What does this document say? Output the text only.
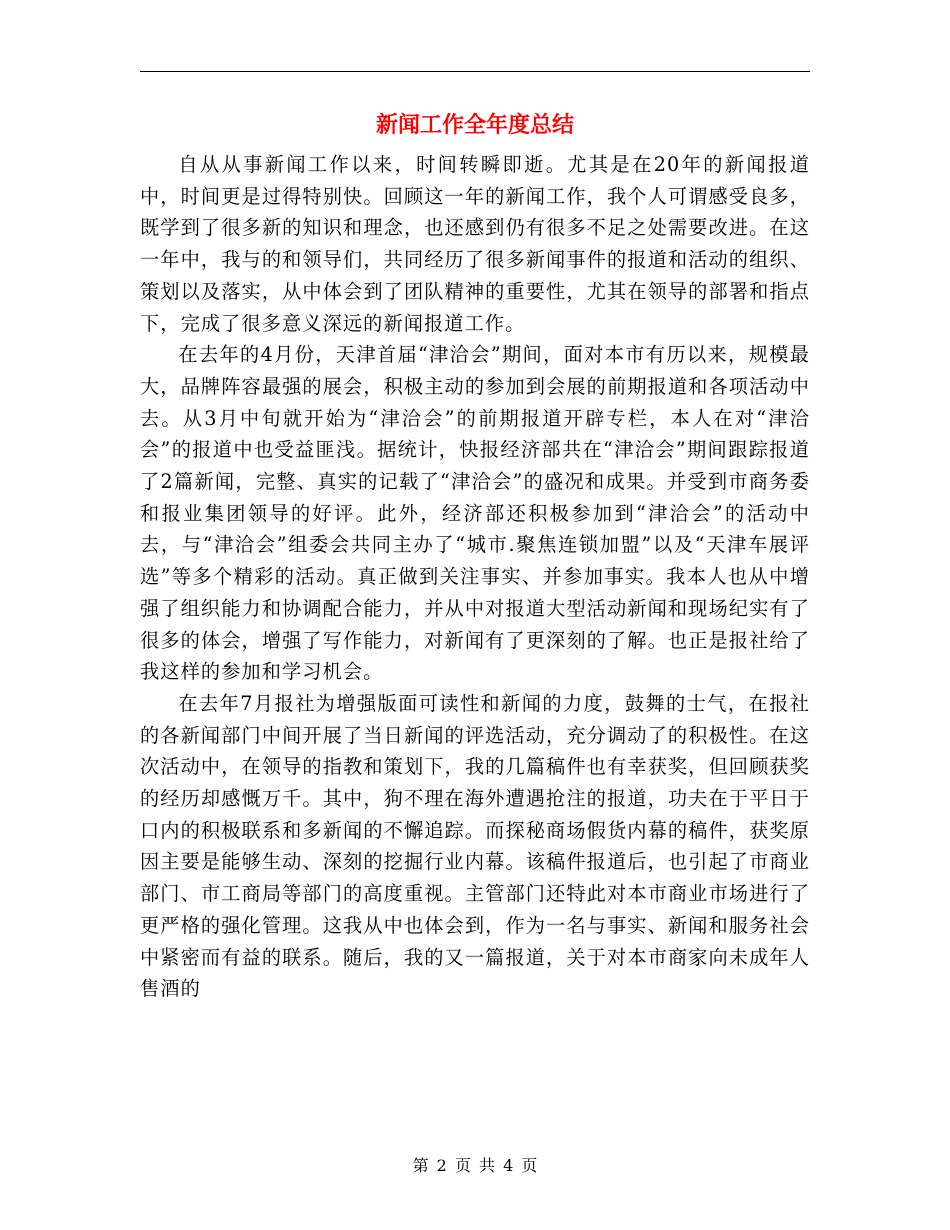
新闻工作全年度总结

自从从事新闻工作以来，时间转瞬即逝。尤其是在20年的新闻报道中，时间更是过得特别快。回顾这一年的新闻工作，我个人可谓感受良多，既学到了很多新的知识和理念，也还感到仍有很多不足之处需要改进。在这一年中，我与的和领导们，共同经历了很多新闻事件的报道和活动的组织、策划以及落实，从中体会到了团队精神的重要性，尤其在领导的部署和指点下，完成了很多意义深远的新闻报道工作。

在去年的4月份，天津首届“津洽会”期间，面对本市有历以来，规模最大，品牌阵容最强的展会，积极主动的参加到会展的前期报道和各项活动中去。从3月中旬就开始为“津洽会”的前期报道开辟专栏，本人在对“津洽会”的报道中也受益匪浅。据统计，快报经济部共在“津洽会”期间跟踪报道了2篇新闻，完整、真实的记载了“津洽会”的盛况和成果。并受到市商务委和报业集团领导的好评。此外，经济部还积极参加到“津洽会”的活动中去，与“津洽会”组委会共同主办了“城市.聚焦连锁加盟”以及“天津车展评选”等多个精彩的活动。真正做到关注事实、并参加事实。我本人也从中增强了组织能力和协调配合能力，并从中对报道大型活动新闻和现场纪实有了很多的体会，增强了写作能力，对新闻有了更深刻的了解。也正是报社给了我这样的参加和学习机会。

在去年7月报社为增强版面可读性和新闻的力度，鼓舞的士气，在报社的各新闻部门中间开展了当日新闻的评选活动，充分调动了的积极性。在这次活动中，在领导的指教和策划下，我的几篇稿件也有幸获奖，但回顾获奖的经历却感慨万千。其中，狗不理在海外遭遇抢注的报道，功夫在于平日于口内的积极联系和多新闻的不懈追踪。而探秘商场假货内幕的稿件，获奖原因主要是能够生动、深刻的挖掘行业内幕。该稿件报道后，也引起了市商业部门、市工商局等部门的高度重视。主管部门还特此对本市商业市场进行了更严格的强化管理。这我从中也体会到，作为一名与事实、新闻和服务社会中紧密而有益的联系。随后，我的又一篇报道，关于对本市商家向未成年人售酒的

第 2 页 共 4 页
